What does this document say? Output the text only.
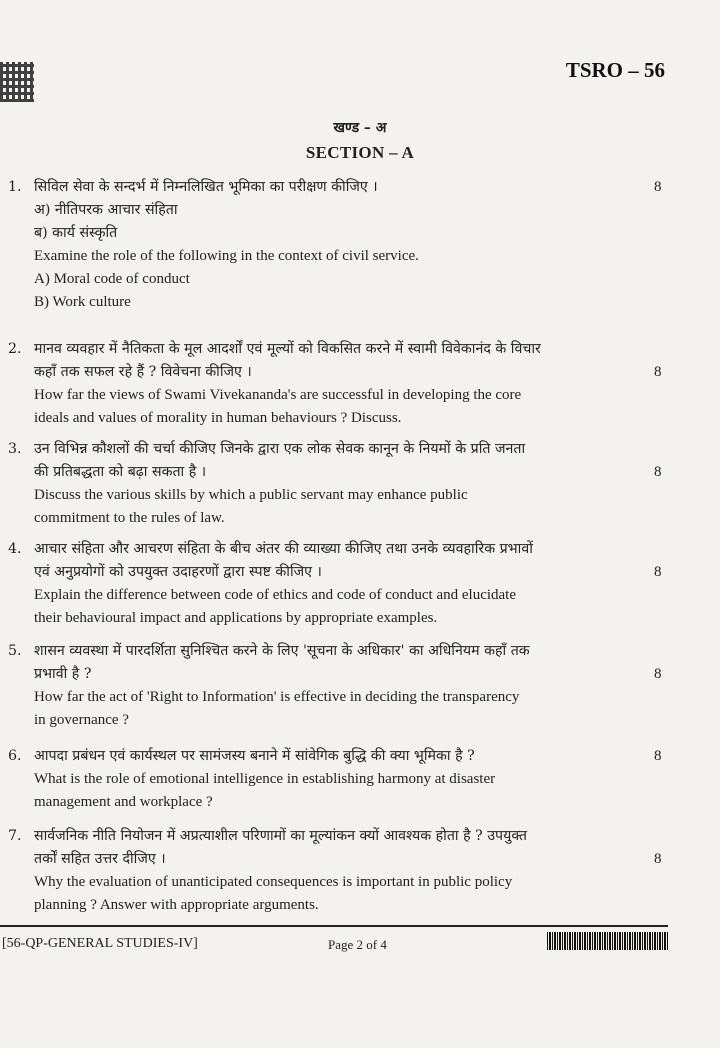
TSRO – 56
खण्ड – अ
SECTION – A
1. सिविल सेवा के सन्दर्भ में निम्नलिखित भूमिका का परीक्षण कीजिए ।
अ) नीतिपरक आचार संहिता
ब) कार्य संस्कृति
Examine the role of the following in the context of civil service.
A) Moral code of conduct
B) Work culture
8
2. मानव व्यवहार में नैतिकता के मूल आदर्शों एवं मूल्यों को विकसित करने में स्वामी विवेकानंद के विचार
कहाँ तक सफल रहे हैं ? विवेचना कीजिए ।
How far the views of Swami Vivekananda's are successful in developing the core
ideals and values of morality in human behaviours ? Discuss.
8
3. उन विभिन्न कौशलों की चर्चा कीजिए जिनके द्वारा एक लोक सेवक कानून के नियमों के प्रति जनता
की प्रतिबद्धता को बढ़ा सकता है ।
Discuss the various skills by which a public servant may enhance public
commitment to the rules of law.
8
4. आचार संहिता और आचरण संहिता के बीच अंतर की व्याख्या कीजिए तथा उनके व्यवहारिक प्रभावों
एवं अनुप्रयोगों को उपयुक्त उदाहरणों द्वारा स्पष्ट कीजिए ।
Explain the difference between code of ethics and code of conduct and elucidate
their behavioural impact and applications by appropriate examples.
8
5. शासन व्यवस्था में पारदर्शिता सुनिश्चित करने के लिए 'सूचना के अधिकार' का अधिनियम कहाँ तक
प्रभावी है ?
How far the act of 'Right to Information' is effective in deciding the transparency
in governance ?
8
6. आपदा प्रबंधन एवं कार्यस्थल पर सामंजस्य बनाने में सांवेगिक बुद्धि की क्या भूमिका है ?
What is the role of emotional intelligence in establishing harmony at disaster
management and workplace ?
8
7. सार्वजनिक नीति नियोजन में अप्रत्याशील परिणामों का मूल्यांकन क्यों आवश्यक होता है ? उपयुक्त
तर्कों सहित उत्तर दीजिए ।
Why the evaluation of unanticipated consequences is important in public policy
planning ? Answer with appropriate arguments.
8
[56-QP-GENERAL STUDIES-IV]	Page 2 of 4
